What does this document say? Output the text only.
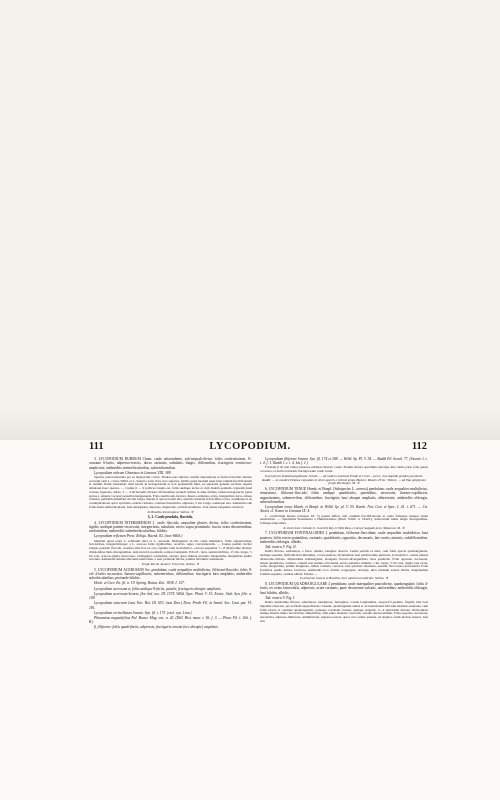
111	LYCOPODIUM.	112

3. LYCOPODIUM RUBRUM Cham. caule adscendente, sub-nequali-diviso; foliis confertissimis, 8-, ouroano 6-fariis, adpresso-erectis, dorso carinatis, subulatis, longis, difformibus, fructigeris ventricoso-amplicatis; antheridiis semiorbicularibus, subreniformibus.

Lycopodium rubrum Chamisso in Linnaea VIII. 389.

Species praecrassissima per se dignoscitur colore. Plantae pars inferior, sterilis dispositione et forma foliorum omnino convenit cum L. crasso Willd. et L. Saururo Lam. Pars vero superior, fertilis quasi modum tenet inter ramum fructificantem et ramum. Rami transsulati rami teretis in hexagonicum et non pedetentim fiunt, pe separatis genesis sectione repenti debuisset haec species. — Caules 6 — 9 pollices longus est, foliis undique tectus et cum iisdem penitum cygneam haud crassus, ligneous, durus, 3 — 4 dichotomis divisus: divisionibus secundi ordinis in aliae fertiles, exiuie hexagonicus (quas spicas s. amenta vocares) sensim transiguranda. Folia sterilia sub-incurva, linearo-subulata, acuta, integerrima dorso obtuse carinata, pallidem dimidiam circiter longa, lineam et quod excedit lata, surrum obesunla in fructifera ovata, acuminata et ex conduplicatione apice spiculata, exiude carinata, contiuse hexasticha, adpressa, 2 lin. longa, eadenque lata. Antheridia sub foliis latent semiorbicularia, basi emarginata, depresso, majuscula, sordide straminea. Tota planta sanguineo-rubeicra.

In Brasilia intratropica: Sellow. ♃

§. 2. Caule pendulo, flaccido.

4. LYCOPODIUM INTERMEDIUM ‡ caule flaccido, aequaliter pluries diviso; foliis confertissimis, rigidis, undique patenti-recurvatis, integerrimis, subulatis, nervo supra prominulo, fructu ovata decurrentibus, uniformibus; antheridiis subseborbicularibus, bilobis.

Lycopodium reflexum Prest. Reliqu. Haenk. 82. (non Willd.)

Medium quasi tenet L. reflexum inter et L. aerosum. Distinguitur ab illo caule multiplice, foliis angustioribus, brevioribus, integerrimisque; a L. acerosa foliis rigidioribus, recurvis, supra convexiusculis. — Caules pedem circiter longus, penduli, flaccidi, crassiter eilis fere ex orto, rigidus; nam in modum L. acerosi aequaliter 7—8 dichotomie divisus: divisionibus binis divergentibus, dein incurvis parallelis, remote fastigiatis. Folia 8 - faria, semiverticillata, 1½ lin. longa, ½ lin. lata, acerosa-rigida, mucronato cartilagineo acutissima, exerpto apice minute serrulato integerrima, marginibus paullo revoluta. Antheridia subseborbiculari-reniformia, e basi profunde biloba, pallens flavidum continentia.

Prope Rio de Janeiro: Freyreiss, Sellow. ♃

5. LYCOPODIUM ACEROSUM Sw. pendulum; caule aequaliter multidiviso, filiformi-flaccido; foliis 8- vel 4-fariis incurvatis, linearo-capillaceis, subenervibus, difformibus; fructigeris basi ampliatis; antheridiis suborbicularibus, profunde bilobis.

Hook. et Grev. En. fil. n. 19. Spring. Botan. Zeit. 1838. I. 157.

Lycopodium acerosum a; foliis undique 8-fariis, patulis; fructigeris abrupte ampliatis.

Lycopodium acerosum Swartz. flor. Ind. occ. III. 1575. Willd. Spec. Plant. V. 53. Exsicc. Sieb. Syn. filic. n. 149.

Lycopodium setaceum Lam. Enc. Bot. III. 653. (non Don.) Desv. Prodr. Fil. in Annal. Soc. Linn. par. VI. 181.

Lycopodium verticillatum Swartz. Syn. fil. t. 175. (excl. syn. Linn.)

Planantius angustifolius Pal. Beauv. Mag. enc. n. 20. (Dill. Hist. musc. t. 56. f. 3. — Plum. Fil. t. 166. f. B.)

β. filiforme: foliis quadrifariis, adpressis, fructigeris sensim (nec abrupte) ampliatis.

Lycopodium filiforme Swartz. Syn. fil. 174 et 398. — Willd. Sp. Pl. V. 54. — Raddi Fil. brasil. 77. (Swartz. l. c. t. 4. f. 3. Raddi l. c. t. 4. bis f. 1.)

Formam β sil nisi ramos juniores exhibere liberior crede. Etenim mostra specimina plerique ima caulis parte folia genus octostica, et forma foliorum fructigerorum valde variat.

In provincia Sebastianopolitana: Schott; — ad radices montium Prade et Corco - secco, cum Aspidio pendulo permixto: Raddi; — in caudice Palmae cujusdam in silvis apertis, crebrois prope Blanco: Maxim. Princ. Videns; — ad Epa epiphytum prope Rio Negro: M. ♃

6. LYCOPODIUM TENUE Humb. et Bonpl. (Subspecies L. acerosi) pendulum; caule aequaliter multidiviso, tenuissimo, filiformi-flaccido; foliis undique quadrifariis, patentibus, incurvatis, linearo-capillaceis, angustissimis, subenervibus, difformibus; fructigeris basi abrupte ampliatis, abbreviatis; antheridiis oblongis, subreniformibus.

Lycopodium tenue Humb. et Bonpl. in Willd. Sp. pl. V. 55. Kunth. Nov. Gen. et Spec. I. 41. t. 671. — Ctr. Annot. cl. Kunze in Linnaea IX. 4.

L. curvifolium Kunze (Linnaea IX. 5) parum differt, nisi caulium fructificationis et caule folliuque insuper etiam tenuioribus. — Specimina brasiliensia a Humboldtiano (Herb. Willd. n. 19423.), defectarum ramis magis divergentibus, foliisque majoribus.

In silvis inter civitates S. José d'el Rey et Villa Rica, et prope Salgado prov. Minarum: M. ♃

7. LYCOPODIUM FONTINALOIDES ‡ pendulum, filiforme-flaccidum; caule aequaliter multidiviso, basi punicea; foliis erecto-patentibus, carinatis, quadrifariis, oppositis, decussatis, late ovatis, minutis, subdifformibus; antheridiis oblongis, albidis.

Tab. nostra V. Fig. II.

Radix fibrosa, subramosa, e fusco rubella, lanugine obtecta. Caulis pedalis et ultra, cum foliis specie quadrangularis, undique aequalis, filiformi-flaccidissimus, e basi punicea; divisionibus basi palchrerrime puniceas, in modum L. tenuis pluries dichotomo-divisus, divisionibus subfastigiatis, elongatis, furcato-divergentibus, mox parallelis. Folia opposita, decussata, itaque quadrifaria, conferta, caulem non penitus obvolantia, erecto-patentia, minima, 1 lin. longa, ½ lin. lata, rigida, late ovata, acuta, integerrima, pallide marginata, subtus carinata, convexa, basi quadrato attenuata, sessilia, flava unica decurrentia. Folia fructifera paullo latiora, breviora. Antheridia loco fertilia congregata, oblonga, ultra medium exeute biloba, magnitudine follium aequalia, candide albida. Fabina—.

In arborum truncis in Brasilia, loco natali non indicato: Sellow. ♃

8. LYCOPODIUM QUADRANGULARE ‡ pendulum; caule inaequaliter paucidiviso, quadrangulari; foliis 4-fariis, ex ovato lanceolatis, adpressis, acute carinatis, parte decurrente sulcatis, uniformibus; antheridiis oblongis, basi bilobis, albidis.

Tab. nostra V. Fig. I.

Radix densissime fibrosa, subramosa, lanuginosa, ferruginea. Caulis longissimus, sesqui-2½-pedalis, fragilis, ima basi impedite enascens, per se filum supereficiens crassum, quadrangulari-alatus et ob insertionem foliorum undulato-dentatus, cum foliis exacte et continue quadrangularis, penuans corvinam crassus, undique aequalis, 3—4 alternatim divisus: divisionibus nempe alternis multo brevioribus, simplicibus, aliis eamo maxime coarctatis, sursum decrescentibus. Folia opposita, decussata, tetrasticha, adpresso-imbricata, subimbricata, adpresso-erecta, apice vero soluto patente, ad angulos caulis incisuo inserta, basi non
